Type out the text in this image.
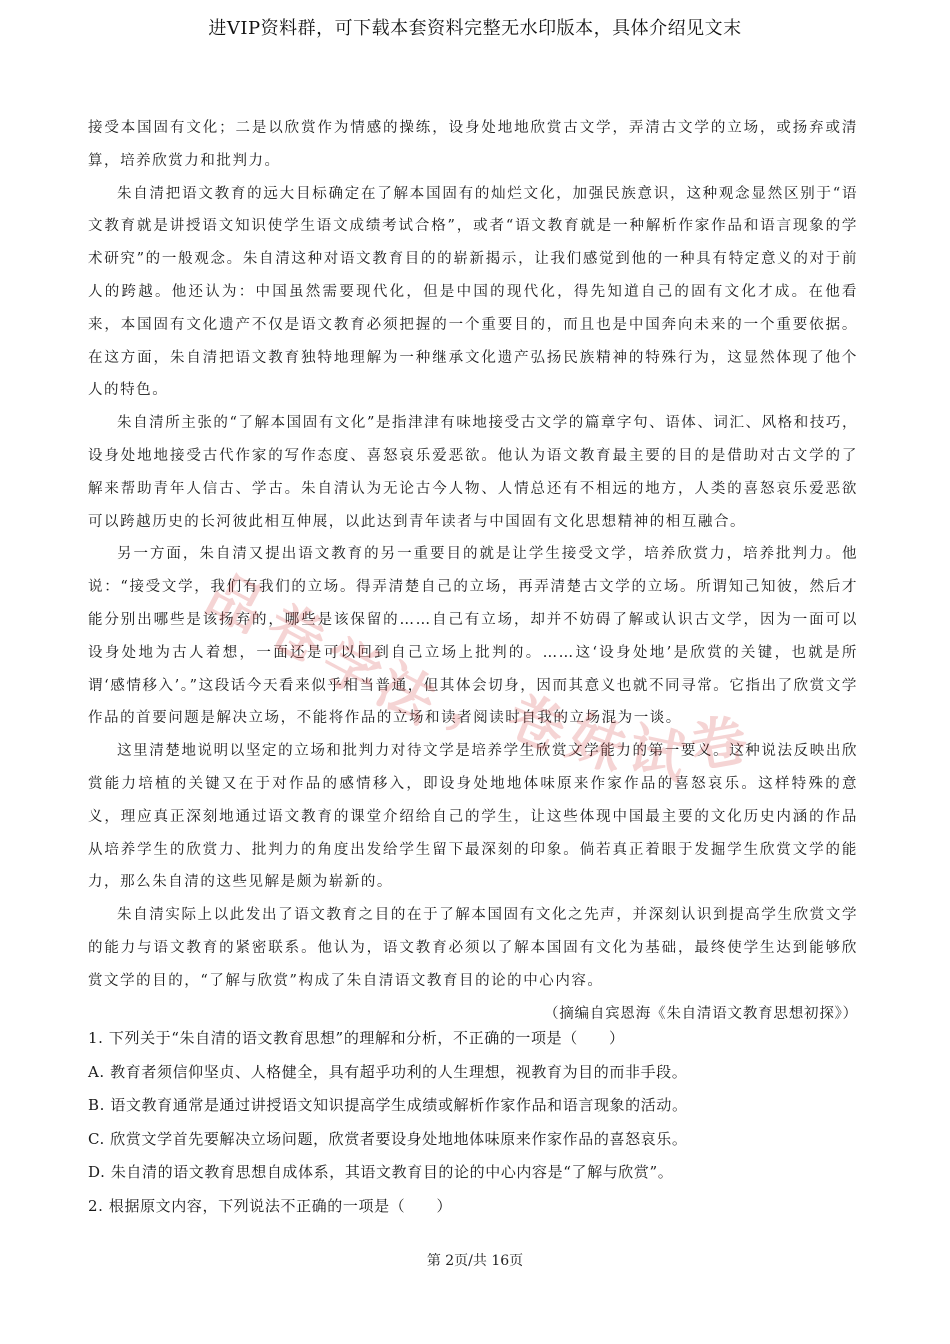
进VIP资料群，可下载本套资料完整无水印版本，具体介绍见文末

接受本国固有文化；二是以欣赏作为情感的操练，设身处地地欣赏古文学，弄清古文学的立场，或扬弃或清算，培养欣赏力和批判力。

朱自清把语文教育的远大目标确定在了解本国固有的灿烂文化，加强民族意识，这种观念显然区别于“语文教育就是讲授语文知识使学生语文成绩考试合格”，或者“语文教育就是一种解析作家作品和语言现象的学术研究”的一般观念。朱自清这种对语文教育目的的崭新揭示，让我们感觉到他的一种具有特定意义的对于前人的跨越。他还认为：中国虽然需要现代化，但是中国的现代化，得先知道自己的固有文化才成。在他看来，本国固有文化遗产不仅是语文教育必须把握的一个重要目的，而且也是中国奔向未来的一个重要依据。在这方面，朱自清把语文教育独特地理解为一种继承文化遗产弘扬民族精神的特殊行为，这显然体现了他个人的特色。

朱自清所主张的“了解本国固有文化”是指津津有味地接受古文学的篇章字句、语体、词汇、风格和技巧，设身处地地接受古代作家的写作态度、喜怒哀乐爱恶欲。他认为语文教育最主要的目的是借助对古文学的了解来帮助青年人信古、学古。朱自清认为无论古今人物、人情总还有不相远的地方，人类的喜怒哀乐爱恶欲可以跨越历史的长河彼此相互伸展，以此达到青年读者与中国固有文化思想精神的相互融合。

另一方面，朱自清又提出语文教育的另一重要目的就是让学生接受文学，培养欣赏力，培养批判力。他说：“接受文学，我们有我们的立场。得弄清楚自己的立场，再弄清楚古文学的立场。所谓知己知彼，然后才能分别出哪些是该扬弃的，哪些是该保留的……自己有立场，却并不妨碍了解或认识古文学，因为一面可以设身处地为古人着想，一面还是可以回到自己立场上批判的。……这‘设身处地’是欣赏的关键，也就是所谓‘感情移入’。”这段话今天看来似乎相当普通，但其体会切身，因而其意义也就不同寻常。它指出了欣赏文学作品的首要问题是解决立场，不能将作品的立场和读者阅读时自我的立场混为一谈。

这里清楚地说明以坚定的立场和批判力对待文学是培养学生欣赏文学能力的第一要义。这种说法反映出欣赏能力培植的关键又在于对作品的感情移入，即设身处地地体味原来作家作品的喜怒哀乐。这样特殊的意义，理应真正深刻地通过语文教育的课堂介绍给自己的学生，让这些体现中国最主要的文化历史内涵的作品从培养学生的欣赏力、批判力的角度出发给学生留下最深刻的印象。倘若真正着眼于发掘学生欣赏文学的能力，那么朱自清的这些见解是颇为崭新的。

朱自清实际上以此发出了语文教育之目的在于了解本国固有文化之先声，并深刻认识到提高学生欣赏文学的能力与语文教育的紧密联系。他认为，语文教育必须以了解本国固有文化为基础，最终使学生达到能够欣赏文学的目的，“了解与欣赏”构成了朱自清语文教育目的论的中心内容。

（摘编自宾恩海《朱自清语文教育思想初探》）

1. 下列关于“朱自清的语文教育思想”的理解和分析，不正确的一项是（　　）

A. 教育者须信仰坚贞、人格健全，具有超乎功利的人生理想，视教育为目的而非手段。

B. 语文教育通常是通过讲授语文知识提高学生成绩或解析作家作品和语言现象的活动。

C. 欣赏文学首先要解决立场问题，欣赏者要设身处地地体味原来作家作品的喜怒哀乐。

D. 朱自清的语文教育思想自成体系，其语文教育目的论的中心内容是“了解与欣赏”。

2. 根据原文内容，下列说法不正确的一项是（　　）

品
卷
学
法
，
卷
妹
试
卷
第 2页/共 16页
